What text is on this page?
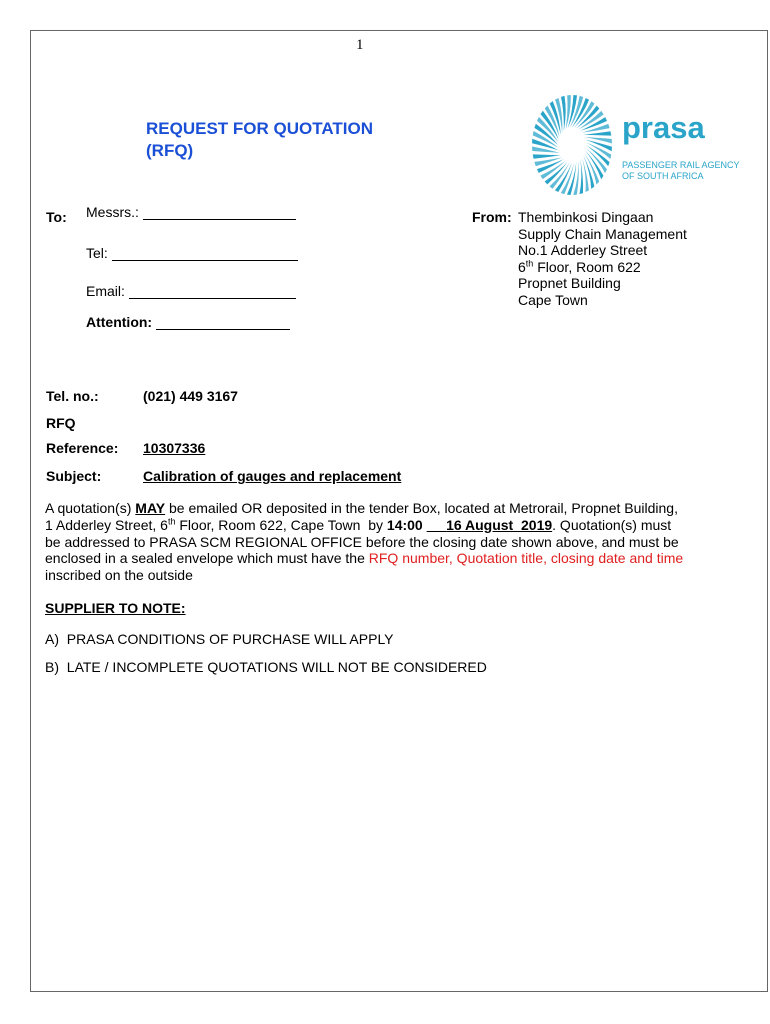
1
REQUEST FOR QUOTATION
(RFQ)
prasa
PASSENGER RAIL AGENCY
OF SOUTH AFRICA
To: Messrs.:
Tel:
Email:
Attention:
From: Thembinkosi Dingaan
Supply Chain Management
No.1 Adderley Street
6th Floor, Room 622
Propnet Building
Cape Town
Tel. no.:	(021) 449 3167
RFQ
Reference: 10307336
Subject:	Calibration of gauges and replacement
A quotation(s) MAY be emailed OR deposited in the tender Box, located at Metrorail, Propnet Building, 1 Adderley Street, 6th Floor, Room 622, Cape Town  by 14:00 16 August  2019. Quotation(s) must be addressed to PRASA SCM REGIONAL OFFICE before the closing date shown above, and must be enclosed in a sealed envelope which must have the RFQ number, Quotation title, closing date and time inscribed on the outside
SUPPLIER TO NOTE:
A)  PRASA CONDITIONS OF PURCHASE WILL APPLY
B)  LATE / INCOMPLETE QUOTATIONS WILL NOT BE CONSIDERED
